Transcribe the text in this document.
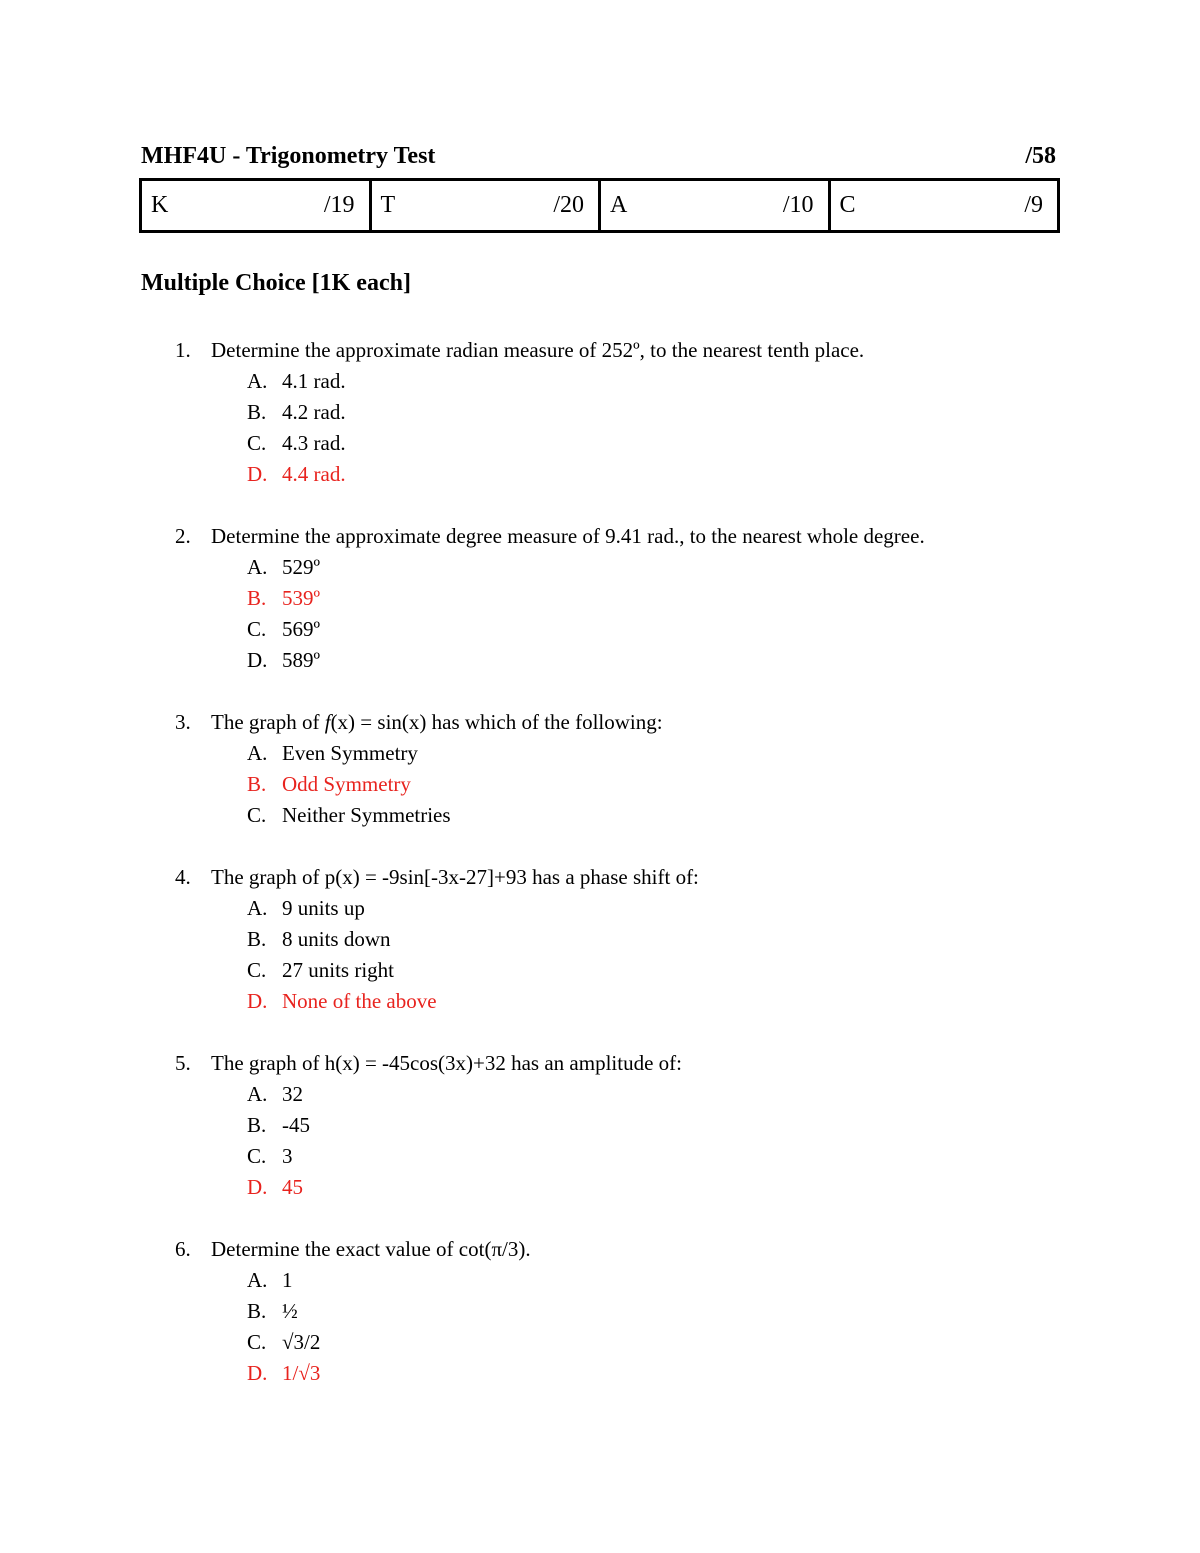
MHF4U - Trigonometry Test	/58
K	/19 T	/20 A	/10 C	/9
Multiple Choice [1K each]
1. Determine the approximate radian measure of 252º, to the nearest tenth place.
A. 4.1 rad.
B. 4.2 rad.
C. 4.3 rad.
D. 4.4 rad.
2. Determine the approximate degree measure of 9.41 rad., to the nearest whole degree.
A. 529º
B. 539º
C. 569º
D. 589º
3. The graph of f(x) = sin(x) has which of the following:
A. Even Symmetry
B. Odd Symmetry
C. Neither Symmetries
4. The graph of p(x) = -9sin[-3x-27]+93 has a phase shift of:
A. 9 units up
B. 8 units down
C. 27 units right
D. None of the above
5. The graph of h(x) = -45cos(3x)+32 has an amplitude of:
A. 32
B. -45
C. 3
D. 45
6. Determine the exact value of cot(π/3).
A. 1
B. ½
C. √3/2
D. 1/√3
